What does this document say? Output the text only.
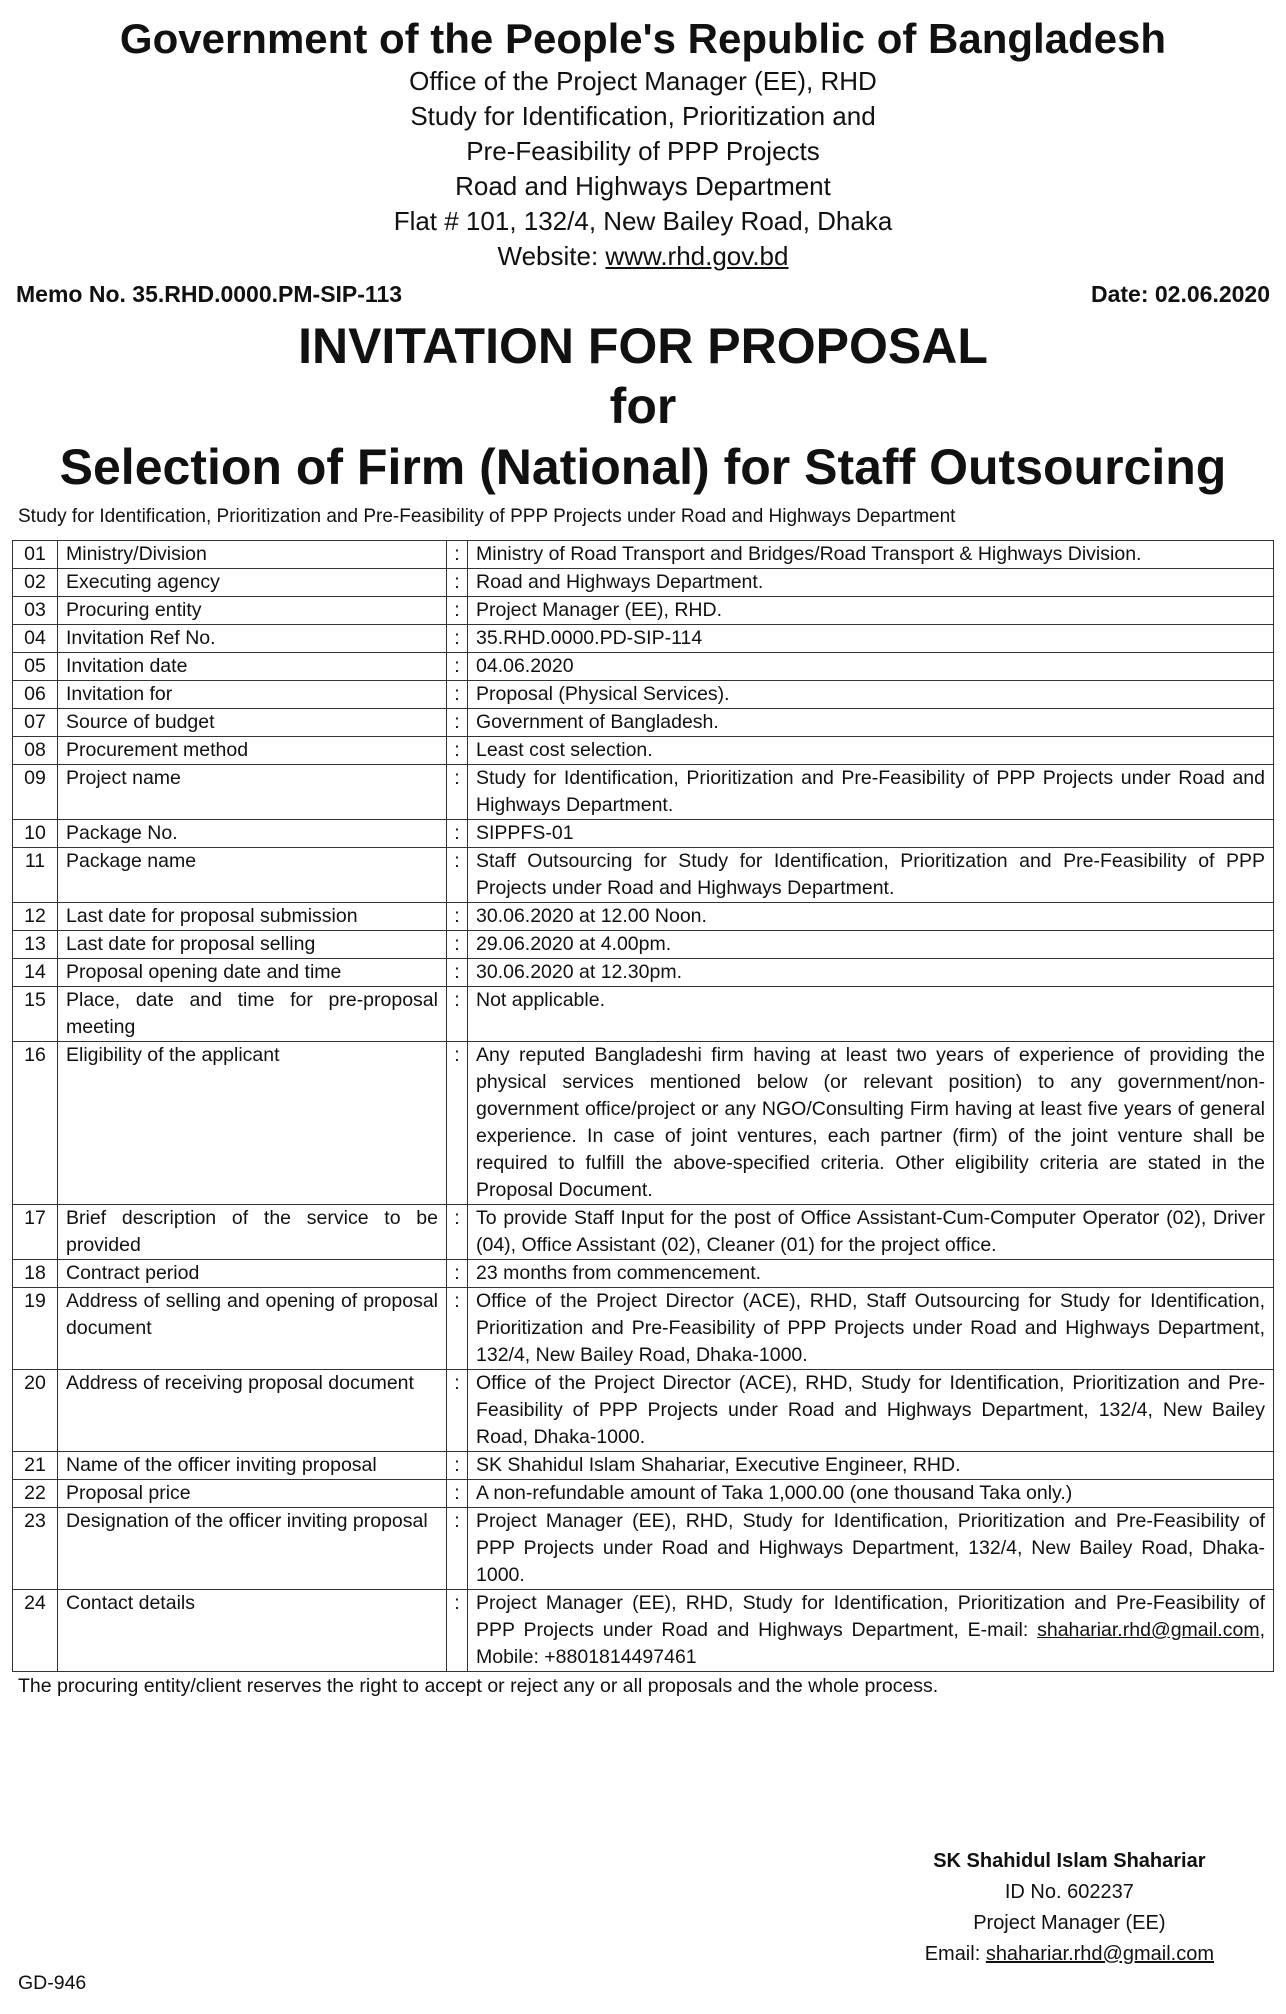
Government of the People's Republic of Bangladesh
Office of the Project Manager (EE), RHD
Study for Identification, Prioritization and
Pre-Feasibility of PPP Projects
Road and Highways Department
Flat # 101, 132/4, New Bailey Road, Dhaka
Website: www.rhd.gov.bd
Memo No. 35.RHD.0000.PM-SIP-113	Date: 02.06.2020
INVITATION FOR PROPOSAL
for
Selection of Firm (National) for Staff Outsourcing
Study for Identification, Prioritization and Pre-Feasibility of PPP Projects under Road and Highways Department
01	Ministry/Division	:	Ministry of Road Transport and Bridges/Road Transport & Highways Division.
02	Executing agency	:	Road and Highways Department.
03	Procuring entity	:	Project Manager (EE), RHD.
04	Invitation Ref No.	:	35.RHD.0000.PD-SIP-114
05	Invitation date	:	04.06.2020
06	Invitation for	:	Proposal (Physical Services).
07	Source of budget	:	Government of Bangladesh.
08	Procurement method	:	Least cost selection.
09	Project name	:	Study for Identification, Prioritization and Pre-Feasibility of PPP Projects under Road and Highways Department.
10	Package No.	:	SIPPFS-01
11	Package name	:	Staff Outsourcing for Study for Identification, Prioritization and Pre-Feasibility of PPP Projects under Road and Highways Department.
12	Last date for proposal submission	:	30.06.2020 at 12.00 Noon.
13	Last date for proposal selling	:	29.06.2020 at 4.00pm.
14	Proposal opening date and time	:	30.06.2020 at 12.30pm.
15	Place, date and time for pre-proposal meeting	:	Not applicable.
16	Eligibility of the applicant	:	Any reputed Bangladeshi firm having at least two years of experience of providing the physical services mentioned below (or relevant position) to any government/non-government office/project or any NGO/Consulting Firm having at least five years of general experience. In case of joint ventures, each partner (firm) of the joint venture shall be required to fulfill the above-specified criteria. Other eligibility criteria are stated in the Proposal Document.
17	Brief description of the service to be provided	:	To provide Staff Input for the post of Office Assistant-Cum-Computer Operator (02), Driver (04), Office Assistant (02), Cleaner (01) for the project office.
18	Contract period	:	23 months from commencement.
19	Address of selling and opening of proposal document	:	Office of the Project Director (ACE), RHD, Staff Outsourcing for Study for Identification, Prioritization and Pre-Feasibility of PPP Projects under Road and Highways Department, 132/4, New Bailey Road, Dhaka-1000.
20	Address of receiving proposal document	:	Office of the Project Director (ACE), RHD, Study for Identification, Prioritization and Pre-Feasibility of PPP Projects under Road and Highways Department, 132/4, New Bailey Road, Dhaka-1000.
21	Name of the officer inviting proposal	:	SK Shahidul Islam Shahariar, Executive Engineer, RHD.
22	Proposal price	:	A non-refundable amount of Taka 1,000.00 (one thousand Taka only.)
23	Designation of the officer inviting proposal	:	Project Manager (EE), RHD, Study for Identification, Prioritization and Pre-Feasibility of PPP Projects under Road and Highways Department, 132/4, New Bailey Road, Dhaka-1000.
24	Contact details	:	Project Manager (EE), RHD, Study for Identification, Prioritization and Pre-Feasibility of PPP Projects under Road and Highways Department, E-mail: shahariar.rhd@gmail.com, Mobile: +8801814497461
The procuring entity/client reserves the right to accept or reject any or all proposals and the whole process.
SK Shahidul Islam Shahariar
ID No. 602237
Project Manager (EE)
Email: shahariar.rhd@gmail.com
GD-946
